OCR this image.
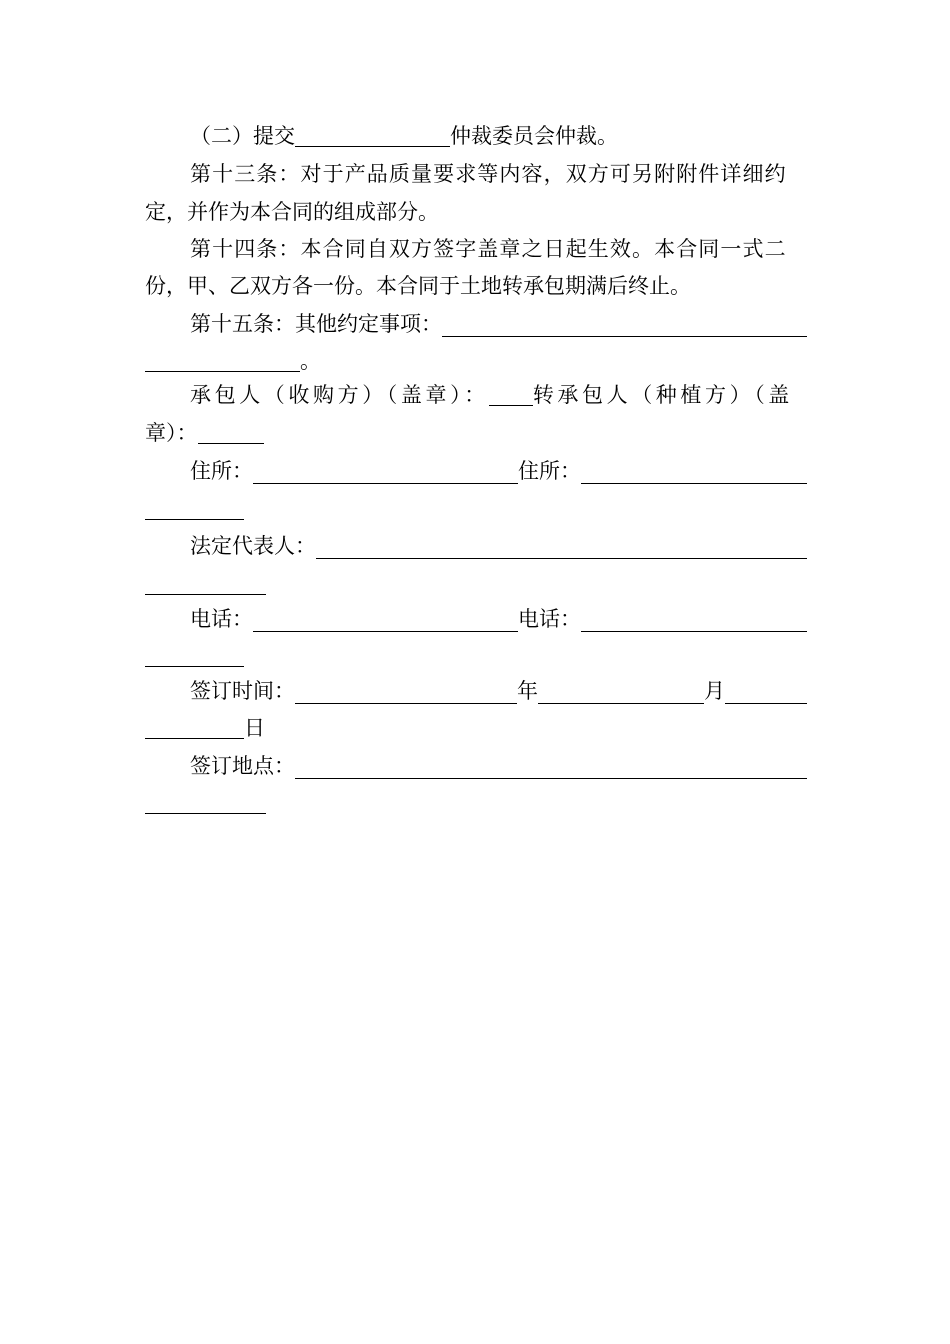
（二）提交	仲裁委员会仲裁。
第十三条：对于产品质量要求等内容，双方可另附附件详细约
定，并作为本合同的组成部分。
第十四条：本合同自双方签字盖章之日起生效。本合同一式二
份，甲、乙双方各一份。本合同于土地转承包期满后终止。
第十五条：其他约定事项：
。
承包人（收购方）（盖章）： 转承包人（种植方）（盖
章）：
住所：	住所：
法定代表人：
电话：	电话：
签订时间：	年	月
日
签订地点：
